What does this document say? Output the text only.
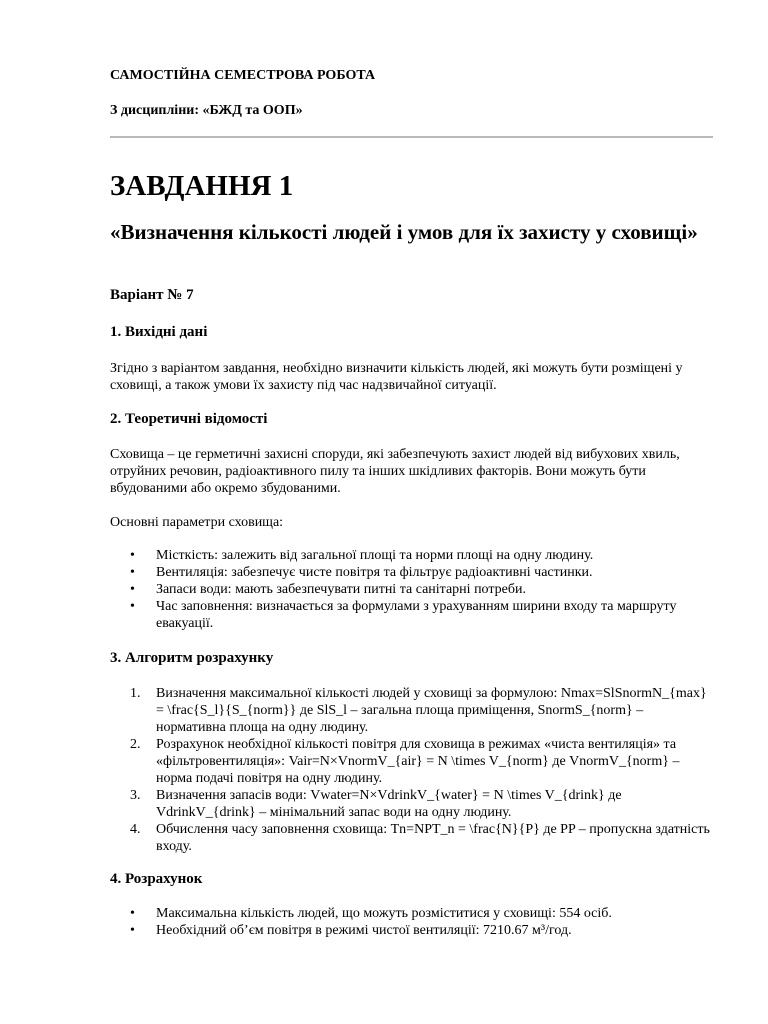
САМОСТІЙНА СЕМЕСТРОВА РОБОТА
З дисципліни: «БЖД та ООП»
ЗАВДАННЯ 1
«Визначення кількості людей і умов для їх захисту у сховищі»
Варіант № 7
1. Вихідні дані

Згідно з варіантом завдання, необхідно визначити кількість людей, які можуть бути розміщені у сховищі, а також умови їх захисту під час надзвичайної ситуації.

2. Теоретичні відомості

Сховища – це герметичні захисні споруди, які забезпечують захист людей від вибухових хвиль, отруйних речовин, радіоактивного пилу та інших шкідливих факторів. Вони можуть бути вбудованими або окремо збудованими.

Основні параметри сховища:

• Місткість: залежить від загальної площі та норми площі на одну людину.
• Вентиляція: забезпечує чисте повітря та фільтрує радіоактивні частинки.
• Запаси води: мають забезпечувати питні та санітарні потреби.
• Час заповнення: визначається за формулами з урахуванням ширини входу та маршруту евакуації.
3. Алгоритм розрахунку
1. Визначення максимальної кількості людей у сховищі за формулою: Nmax=SlSnormN_{max} = \frac{S_l}{S_{norm}} де SlS_l – загальна площа приміщення, SnormS_{norm} – нормативна площа на одну людину.
2. Розрахунок необхідної кількості повітря для сховища в режимах «чиста вентиляція» та «фільтровентиляція»: Vair=N×VnormV_{air} = N \times V_{norm} де VnormV_{norm} – норма подачі повітря на одну людину.
3. Визначення запасів води: Vwater=N×VdrinkV_{water} = N \times V_{drink} де VdrinkV_{drink} – мінімальний запас води на одну людину.
4. Обчислення часу заповнення сховища: Tn=NPT_n = \frac{N}{P} де PP – пропускна здатність входу.
4. Розрахунок
• Максимальна кількість людей, що можуть розміститися у сховищі: 554 осіб.
• Необхідний об’єм повітря в режимі чистої вентиляції: 7210.67 м³/год.
